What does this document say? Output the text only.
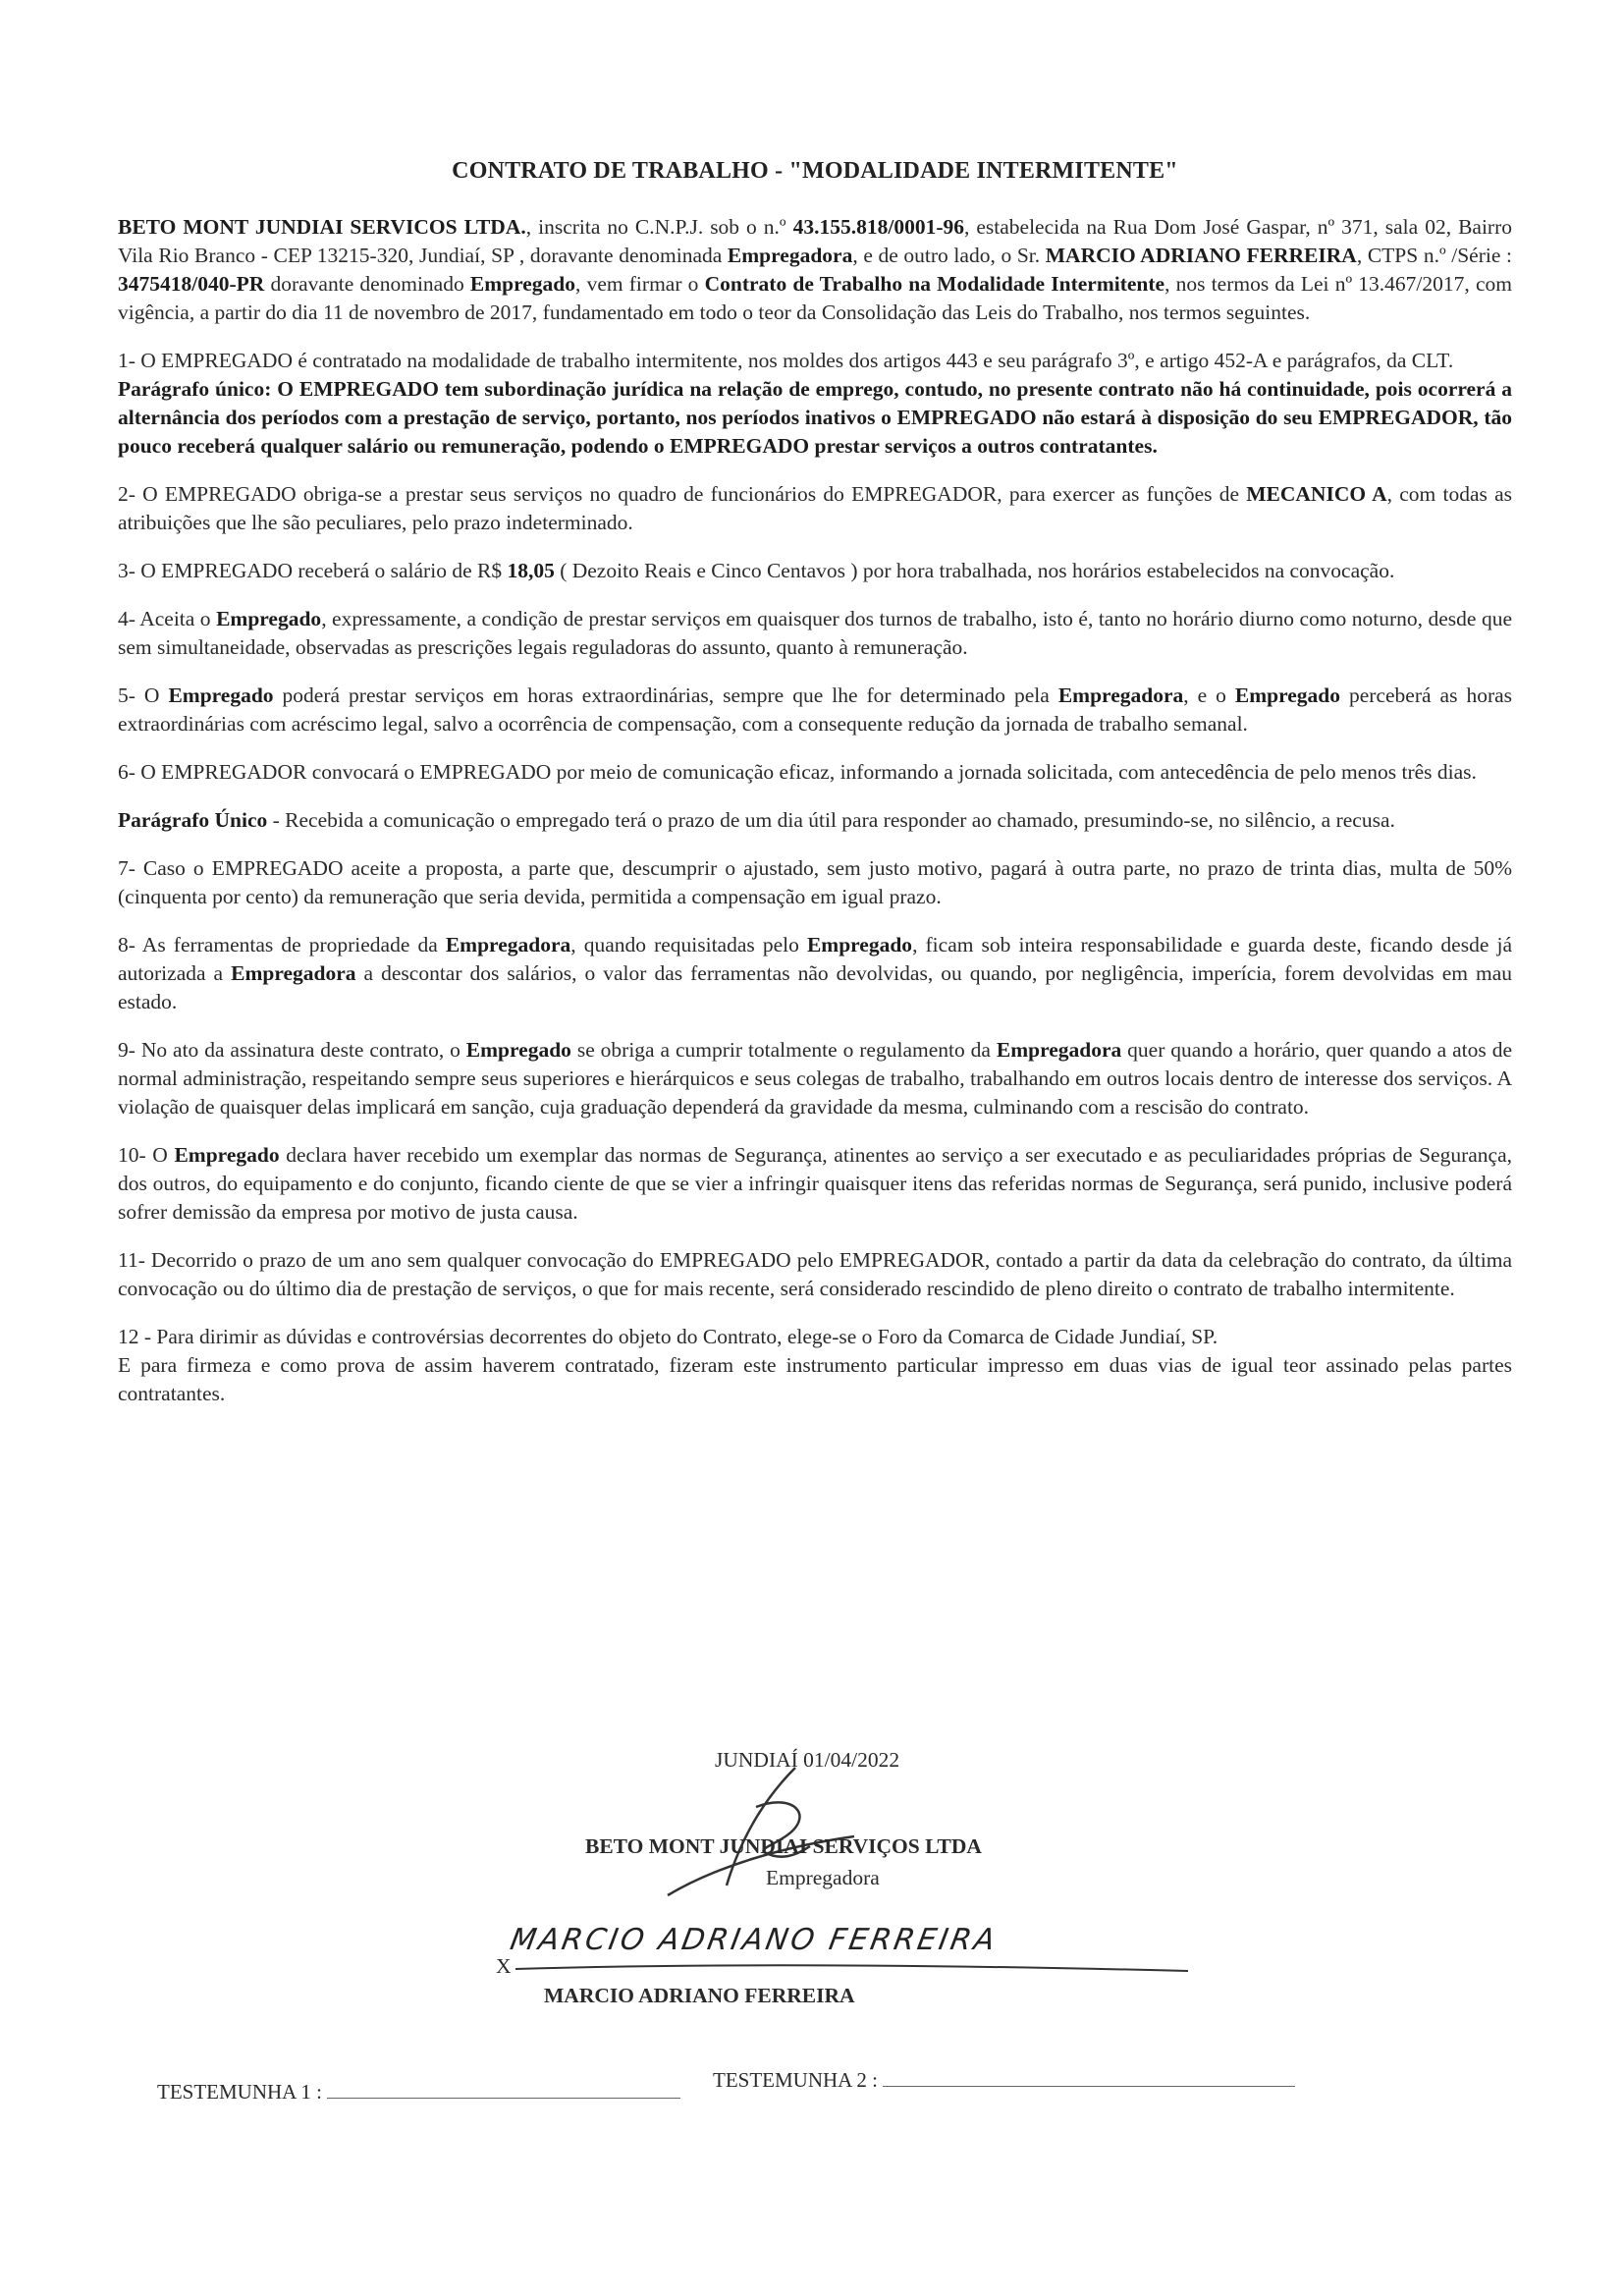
CONTRATO DE TRABALHO - "MODALIDADE INTERMITENTE"

BETO MONT JUNDIAI SERVICOS LTDA., inscrita no C.N.P.J. sob o n.º 43.155.818/0001-96, estabelecida na Rua Dom José Gaspar, nº 371, sala 02, Bairro Vila Rio Branco - CEP 13215-320, Jundiaí, SP , doravante denominada Empregadora, e de outro lado, o Sr. MARCIO ADRIANO FERREIRA, CTPS n.º /Série : 3475418/040-PR doravante denominado Empregado, vem firmar o Contrato de Trabalho na Modalidade Intermitente, nos termos da Lei nº 13.467/2017, com vigência, a partir do dia 11 de novembro de 2017, fundamentado em todo o teor da Consolidação das Leis do Trabalho, nos termos seguintes.

1- O EMPREGADO é contratado na modalidade de trabalho intermitente, nos moldes dos artigos 443 e seu parágrafo 3º, e artigo 452-A e parágrafos, da CLT.
Parágrafo único: O EMPREGADO tem subordinação jurídica na relação de emprego, contudo, no presente contrato não há continuidade, pois ocorrerá a alternância dos períodos com a prestação de serviço, portanto, nos períodos inativos o EMPREGADO não estará à disposição do seu EMPREGADOR, tão pouco receberá qualquer salário ou remuneração, podendo o EMPREGADO prestar serviços a outros contratantes.

2- O EMPREGADO obriga-se a prestar seus serviços no quadro de funcionários do EMPREGADOR, para exercer as funções de MECANICO A, com todas as atribuições que lhe são peculiares, pelo prazo indeterminado.

3- O EMPREGADO receberá o salário de R$ 18,05 ( Dezoito Reais e Cinco Centavos ) por hora trabalhada, nos horários estabelecidos na convocação.

4- Aceita o Empregado, expressamente, a condição de prestar serviços em quaisquer dos turnos de trabalho, isto é, tanto no horário diurno como noturno, desde que sem simultaneidade, observadas as prescrições legais reguladoras do assunto, quanto à remuneração.

5- O Empregado poderá prestar serviços em horas extraordinárias, sempre que lhe for determinado pela Empregadora, e o Empregado perceberá as horas extraordinárias com acréscimo legal, salvo a ocorrência de compensação, com a consequente redução da jornada de trabalho semanal.

6- O EMPREGADOR convocará o EMPREGADO por meio de comunicação eficaz, informando a jornada solicitada, com antecedência de pelo menos três dias.

Parágrafo Único - Recebida a comunicação o empregado terá o prazo de um dia útil para responder ao chamado, presumindo-se, no silêncio, a recusa.

7- Caso o EMPREGADO aceite a proposta, a parte que, descumprir o ajustado, sem justo motivo, pagará à outra parte, no prazo de trinta dias, multa de 50% (cinquenta por cento) da remuneração que seria devida, permitida a compensação em igual prazo.

8- As ferramentas de propriedade da Empregadora, quando requisitadas pelo Empregado, ficam sob inteira responsabilidade e guarda deste, ficando desde já autorizada a Empregadora a descontar dos salários, o valor das ferramentas não devolvidas, ou quando, por negligência, imperícia, forem devolvidas em mau estado.

9- No ato da assinatura deste contrato, o Empregado se obriga a cumprir totalmente o regulamento da Empregadora quer quando a horário, quer quando a atos de normal administração, respeitando sempre seus superiores e hierárquicos e seus colegas de trabalho, trabalhando em outros locais dentro de interesse dos serviços. A violação de quaisquer delas implicará em sanção, cuja graduação dependerá da gravidade da mesma, culminando com a rescisão do contrato.

10- O Empregado declara haver recebido um exemplar das normas de Segurança, atinentes ao serviço a ser executado e as peculiaridades próprias de Segurança, dos outros, do equipamento e do conjunto, ficando ciente de que se vier a infringir quaisquer itens das referidas normas de Segurança, será punido, inclusive poderá sofrer demissão da empresa por motivo de justa causa.

11- Decorrido o prazo de um ano sem qualquer convocação do EMPREGADO pelo EMPREGADOR, contado a partir da data da celebração do contrato, da última convocação ou do último dia de prestação de serviços, o que for mais recente, será considerado rescindido de pleno direito o contrato de trabalho intermitente.

12 - Para dirimir as dúvidas e controvérsias decorrentes do objeto do Contrato, elege-se o Foro da Comarca de Cidade Jundiaí, SP.

E para firmeza e como prova de assim haverem contratado, fizeram este instrumento particular impresso em duas vias de igual teor assinado pelas partes contratantes.

JUNDIAÍ 01/04/2022
BETO MONT JUNDIAI SERVIÇOS LTDA
Empregadora
X
MARCIO ADRIANO FERREIRA
MARCIO ADRIANO FERREIRA
TESTEMUNHA 1 :	TESTEMUNHA 2 :
